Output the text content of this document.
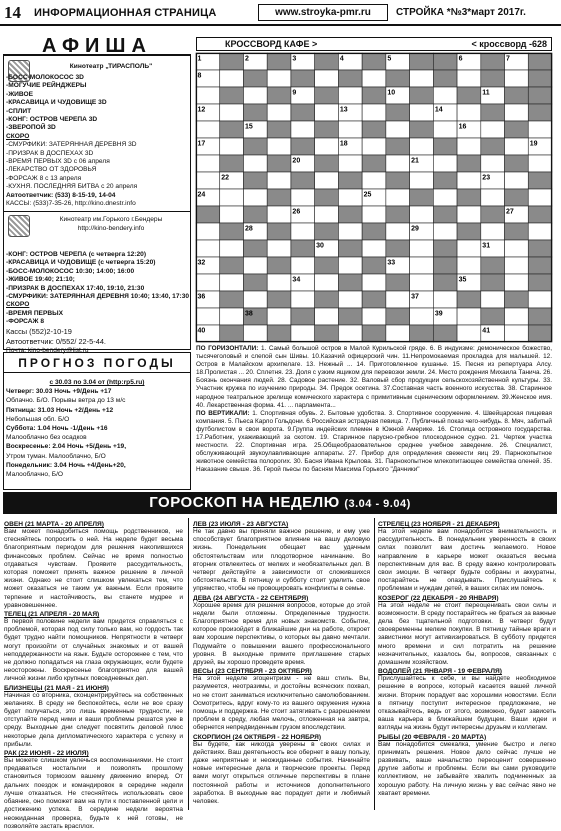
14 ИНФОРМАЦИОННАЯ СТРАНИЦА	www.stroyka-pmr.ru	СТРОЙКА *№3*март 2017г.
АФИША
Кинотеатр „ТИРАСПОЛЬ"
-БОСС-МОЛОКОСОС 3D
-МОГУЧИЕ РЕЙНДЖЕРЫ
-ЖИВОЕ
-КРАСАВИЦА И ЧУДОВИЩЕ 3D
-СПЛИТ
-КОНГ: ОСТРОВ ЧЕРЕПА 3D
-ЗВЕРОПОЙ 3D
СКОРО
-СМУРФИКИ: ЗАТЕРЯННАЯ ДЕРЕВНЯ 3D
-ПРИЗРАК В ДОСПЕХАХ 3D
-ВРЕМЯ ПЕРВЫХ 3D с 06 апреля
-ЛЕКАРСТВО ОТ ЗДОРОВЬЯ
-ФОРСАЖ 8 с 13 апреля
-КУХНЯ. ПОСЛЕДНЯЯ БИТВА с 20 апреля
Автоответчик: (533) 8-15-19, 14-04
КАССЫ: (533)7-35-26, http://kino.dnestr.info
Кинотеатр им.Горького г.Бендеры
http://kino-bendery.info
-КОНГ: ОСТРОВ ЧЕРЕПА (с четверга 12:20)
-КРАСАВИЦА И ЧУДОВИЩЕ (с четверга 15:20)
-БОСС-МОЛОКОСОС 10:30; 14:00; 16:00
-ЖИВОЕ 19:40; 21:10;
-ПРИЗРАК В ДОСПЕХАХ 17:40, 19:10, 21:30
-СМУРФИКИ: ЗАТЕРЯННАЯ ДЕРЕВНЯ 10:40; 13:40, 17:30
СКОРО
-ВРЕМЯ ПЕРВЫХ
-ФОРСАЖ 8
Кассы (552)2-10-19
Автоответчик: 0/552/ 22-5-44.
Почта: kino-bendery@list.ru
ПРОГНОЗ ПОГОДЫ
с 30.03 по 3.04 от (http:rp5.ru)
Четверг: 30.03 Ночь +9/День +17
Облачно. Б/О. Порывы ветра до 13 м/с
Пятница: 31.03 Ночь +2/День +12
Небольшая обл. Б/О
Суббота: 1.04 Ночь -1/День +16
Малооблачно без осадков
Воскресенье: 2.04 Ночь +5/День +19,
Утром туман. Малооблачно, Б/О
Понедельник: 3.04 Ночь +4/День+20,
Малооблачно, Б/О
КРОССВОРД КАФЕ >	< кроссворд -628
1	2	3	4	5	6	7
8
9	10	11
12	13	14
15	16
17	18	19
20	21
22	23
24	25
26	27
28	29
30	31
32	33
34	35
36	37
38	39
40	41
ПО ГОРИЗОНТАЛИ: 1. Самый большой остров в Малой Курильской гряде. 6. В индуизме: демоническое божество, тысячеголовый и слепой сын Шивы. 10.Казачий офицерский чин. 11.Непромокаемая прокладка для малышей. 12. Остров в Малайском архипелаге. 13. Нежный ... 14. Приготовленное кушанье. 15. Песня из репертуара Алсу. 18.Пролистая ... 20. Сплетня. 23. Доля с узким ящиком для перевозки земли. 24. Место рождения Михаила Танича. 26. Боязнь окончания людей. 28. Садовое растение. 32. Валовый сбор продукции сельскохозяйственной культуры. 33. Участник кружка по изучению природы. 34. Предок осетина. 37.Составная часть военного искусства. 38. Старинное народное театральное зрелище комического характера с примитивным сценическим оформлением. 39.Женское имя. 40. Лекарственная форма. 41. ... парламента...
ПО ВЕРТИКАЛИ: 1. Спортивная обувь. 2. Бытовые удобства. 3. Спортивное сооружение. 4. Швейцарская пищевая компания. 5. Пьеса Карло Гольдони. 6.Российская эстрадная певица. 7. Публичный показ чего-нибудь. 8. Мяч, забитый футболистом в свои ворота. 9.Группа индейских племен в Южной Америке. 16. Столица островного государства. 17.Работник, ухаживающий за скотом. 19. Старинное парусно-гребное плоскодонное судно. 21. Чертеж участка местности. 22. Спортивная игра. 25.Общеобразовательное среднее учебное заведение. 26. Специалист, обслуживающий звукоулавливающие аппараты. 27. Прибор для определения свежести яиц 29. Парнокопытное животное семейства полорогих. 30. Басня Ивана Крылова. 31. Парнокопытное млекопитающее семейства оленей. 35. Наказание свыше. 36. Герой пьесы по басням Максима Горького "Дачники"
ГОРОСКОП НА НЕДЕЛЮ (3.04 - 9.04)
ОВЕН (21 МАРТА - 20 АПРЕЛЯ)
Вам может понадобиться помощь родственников, не стесняйтесь попросить о ней. На неделе будет весьма благоприятным периодом для решения накопившихся финансовых проблем. Сейчас не время полностью отдаваться чувствам. Проявите рассудительность, которая поможет принять важное решение в личной жизни. Однако не стоит слишком увлекаться тем, что может оказаться не таким уж важным. Если проявите терпение и настойчивость, вы станете мудрее и уравновешеннее.
ТЕЛЕЦ (21 АПРЕЛЯ - 20 МАЯ)
В первой половине недели вам придется справляться с проблемой, которая под силу только вам, но гордость так будет трудно найти помощников. Непрятности в четверг могут произойти от случайных знакомых и от вашей неподдержанности на язык. Будьте осторожнее с тем, что не должно попадаться на глаза окружающих, если будете неосторожны. Воскресенье благоприятно для вашей личной жизни либо крупных повседневных дел.
БЛИЗНЕЦЫ (21 МАЯ - 21 ИЮНЯ)
Начиная со вторника, сконцентрируйтесь на собственных желаниях. В среду не беспокойтесь, если не все сразу будет получаться, это лишь временные трудности, не отступайте перед ними и ваши проблемы решатся уже в среду. Выходные дни следует посвятить деловой плюс некоторые дела дипломатического характера с успеху и прибыли.
РАК (22 ИЮНЯ - 22 ИЮЛЯ)
Вы можете слишком увлечься воспоминаниями. Не стоит предаваться ностальгии и позволять прошлому становиться тормозом вашему движению вперед. От дальних поездок и командировок в середине недели лучше отказаться. Не стесняйтесь использовать свое обаяние, оно поможет вам на пути к поставленной цели и достижению успеха. В середине недели вероятна неожиданная проверка, будьте к ней готовы, не позволяйте застать врасплох.
ЛЕВ (23 ИЮЛЯ - 23 АВГУСТА)
Не так давно вы приняли важное решение, и ему уже способствует благоприятное влияние на вашу деловую жизнь. Понедельник обещает вас удачным обстоятельствам или плодотворное начинание. Во вторник отвлекитесь от мелких и необязательных дел. В четверг действуйте в зависимости от сложившихся обстоятельств. В пятницу и субботу стоит уделить свое упрямство, чтобы не провоцировать конфликты в семье.
ДЕВА (24 АВГУСТА - 22 СЕНТЯБРЯ)
Хорошее время для решения вопросов, которые до этой недели были отложены. Определенные трудности. Благоприятное время для новых знакомств. Событие, которое произойдет в ближайшие дни на работе, откроет вам хорошие перспективы, о которых вы давно мечтали. Подумайте о повышении вашего профессионального уровня. В выходные примите приглашение старых друзей, вы хорошо проведете время.
ВЕСЫ (23 СЕНТЯБРЯ - 23 ОКТЯБРЯ)
На этой неделе эгоцентризм - не ваш стиль. Вы, разумеется, неотразимы, и достойны всяческих похвал, но не стоит заниматься исключительно самолюбованием. Осмотритесь, вдруг кому-то из вашего окружения нужна помощь и поддержка. Не стоит затягивать с разрешением проблем в среду, любая мелочь, отложенная на завтра, обернется непредвиденным грузом впоследствии.
СКОРПИОН (24 ОКТЯБРЯ - 22 НОЯБРЯ)
Вы будете, как никогда уверены в своих силах и действиях. Ваш деятельность все обернет в вашу пользу, даже неприятные и неожиданные события. Начинайте новые интересные дела и творческие проекты. Перед вами могут открыться отличные перспективы в плане постоянной работы и источников дополнительного заработка. В выходные вас порадует дети и любимый человек.
СТРЕЛЕЦ (23 НОЯБРЯ - 21 ДЕКАБРЯ)
На этой неделе вам понадобится внимательность и рассудительность. В понедельник уверенность в своих силах позволит вам достичь желаемого. Новое направление в карьере может оказаться весьма перспективным для вас. В среду важно контролировать свои эмоции. В четверг будьте собраны и аккуратны, постарайтесь не опаздывать. Прислушайтесь к проблемам и нуждам детей, в ваших силах им помочь.
КОЗЕРОГ (22 ДЕКАБРЯ - 20 ЯНВАРЯ)
На этой неделе не стоит переоценивать свои силы и возможности. В среду постарайтесь не браться за важные дела без тщательной подготовки. В четверг будут своевременны мелкие покупки. В пятницу тайные враги и завистники могут активизироваться. В субботу придется много времени и сил потратить на решение незначительных, казалось бы, вопросов, связанных с домашним хозяйством.
ВОДОЛЕЙ (21 ЯНВАРЯ - 19 ФЕВРАЛЯ)
Прислушайтесь к себе, и вы найдете необходимое решение в вопросе, который касается вашей личной жизни. Вторник порадует вас хорошими новостями. Если в пятницу поступит интересное предложение, не отказывайтесь, ведь от этого, возможно, будет зависеть ваша карьера в ближайшем будущем. Ваши идеи и взгляды на жизнь будут интересны друзьям и коллегам.
РЫБЫ (20 ФЕВРАЛЯ - 20 МАРТА)
Вам понадобится смекалка, умение быстро и легко принимать решения. Новое дело сейчас лучше не развивать, ваше начальство переоценит совершенно другие заботы и проблемы. Если вы сами руководите коллективом, не забывайте хвалить подчиненных за хорошую работу. На личную жизнь у вас сейчас явно не хватает времени.
